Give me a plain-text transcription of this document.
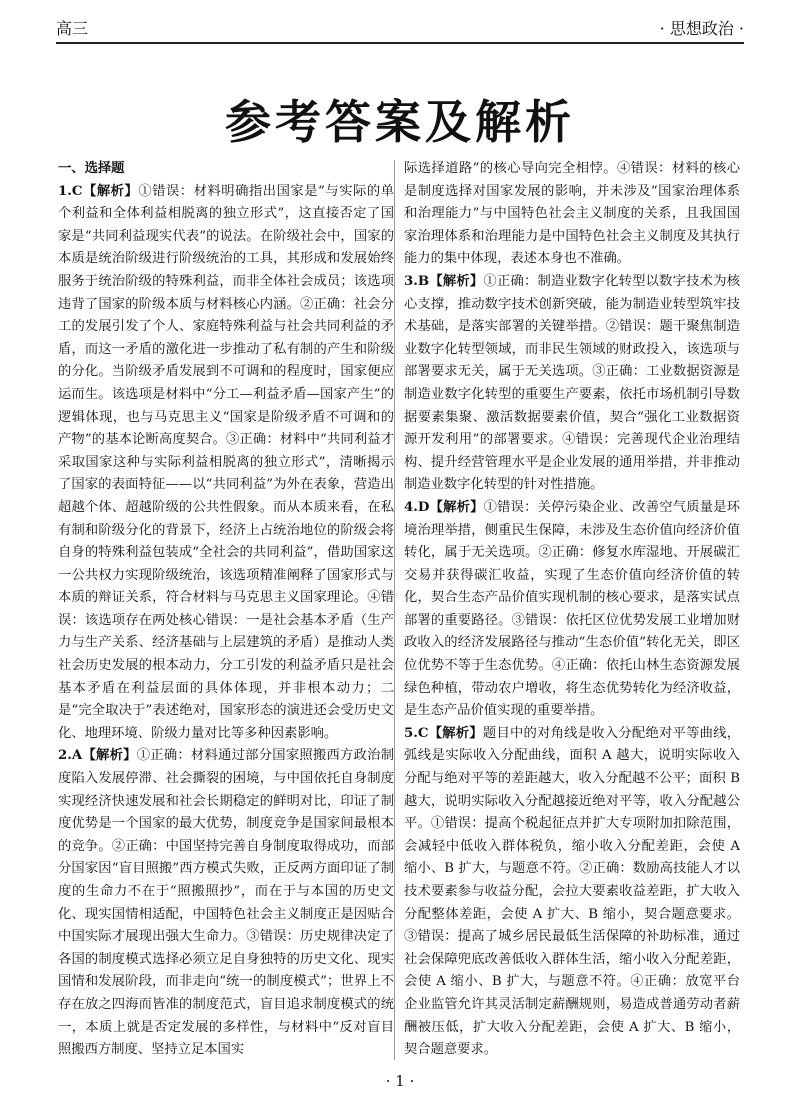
高三	· 思想政治 ·
参考答案及解析
一、选择题

1.C【解析】①错误：材料明确指出国家是“与实际的单个利益和全体利益相脱离的独立形式”，这直接否定了国家是“共同利益现实代表”的说法。在阶级社会中，国家的本质是统治阶级进行阶级统治的工具，其形成和发展始终服务于统治阶级的特殊利益，而非全体社会成员；该选项违背了国家的阶级本质与材料核心内涵。②正确：社会分工的发展引发了个人、家庭特殊利益与社会共同利益的矛盾，而这一矛盾的激化进一步推动了私有制的产生和阶级的分化。当阶级矛盾发展到不可调和的程度时，国家便应运而生。该选项是材料中“分工—利益矛盾—国家产生”的逻辑体现，也与马克思主义“国家是阶级矛盾不可调和的产物”的基本论断高度契合。③正确：材料中“共同利益才采取国家这种与实际利益相脱离的独立形式”，清晰揭示了国家的表面特征——以“共同利益”为外在表象，营造出超越个体、超越阶级的公共性假象。而从本质来看，在私有制和阶级分化的背景下，经济上占统治地位的阶级会将自身的特殊利益包装成“全社会的共同利益”，借助国家这一公共权力实现阶级统治，该选项精准阐释了国家形式与本质的辩证关系，符合材料与马克思主义国家理论。④错误：该选项存在两处核心错误：一是社会基本矛盾（生产力与生产关系、经济基础与上层建筑的矛盾）是推动人类社会历史发展的根本动力，分工引发的利益矛盾只是社会基本矛盾在利益层面的具体体现，并非根本动力；二是“完全取决于”表述绝对，国家形态的演进还会受历史文化、地理环境、阶级力量对比等多种因素影响。

2.A【解析】①正确：材料通过部分国家照搬西方政治制度陷入发展停滞、社会撕裂的困境，与中国依托自身制度实现经济快速发展和社会长期稳定的鲜明对比，印证了制度优势是一个国家的最大优势，制度竞争是国家间最根本的竞争。②正确：中国坚持完善自身制度取得成功，而部分国家因“盲目照搬”西方模式失败，正反两方面印证了制度的生命力不在于“照搬照抄”，而在于与本国的历史文化、现实国情相适配，中国特色社会主义制度正是因贴合中国实际才展现出强大生命力。③错误：历史规律决定了各国的制度模式选择必须立足自身独特的历史文化、现实国情和发展阶段，而非走向“统一的制度模式”；世界上不存在放之四海而皆准的制度范式，盲目追求制度模式的统一，本质上就是否定发展的多样性，与材料中“反对盲目照搬西方制度、坚持立足本国实

际选择道路”的核心导向完全相悖。④错误：材料的核心是制度选择对国家发展的影响，并未涉及“国家治理体系和治理能力”与中国特色社会主义制度的关系，且我国国家治理体系和治理能力是中国特色社会主义制度及其执行能力的集中体现，表述本身也不准确。

3.B【解析】①正确：制造业数字化转型以数字技术为核心支撑，推动数字技术创新突破，能为制造业转型筑牢技术基础，是落实部署的关键举措。②错误：题干聚焦制造业数字化转型领域，而非民生领域的财政投入，该选项与部署要求无关，属于无关选项。③正确：工业数据资源是制造业数字化转型的重要生产要素，依托市场机制引导数据要素集聚、激活数据要素价值，契合“强化工业数据资源开发利用”的部署要求。④错误：完善现代企业治理结构、提升经营管理水平是企业发展的通用举措，并非推动制造业数字化转型的针对性措施。

4.D【解析】①错误：关停污染企业、改善空气质量是环境治理举措，侧重民生保障，未涉及生态价值向经济价值转化，属于无关选项。②正确：修复水库湿地、开展碳汇交易并获得碳汇收益，实现了生态价值向经济价值的转化，契合生态产品价值实现机制的核心要求，是落实试点部署的重要路径。③错误：依托区位优势发展工业增加财政收入的经济发展路径与推动“生态价值”转化无关，即区位优势不等于生态优势。④正确：依托山林生态资源发展绿色种植，带动农户增收，将生态优势转化为经济收益，是生态产品价值实现的重要举措。

5.C【解析】题目中的对角线是收入分配绝对平等曲线，弧线是实际收入分配曲线，面积 A 越大，说明实际收入分配与绝对平等的差距越大，收入分配越不公平；面积 B 越大，说明实际收入分配越接近绝对平等，收入分配越公平。①错误：提高个税起征点并扩大专项附加扣除范围，会减轻中低收入群体税负，缩小收入分配差距，会使 A 缩小、B 扩大，与题意不符。②正确：数励高技能人才以技术要素参与收益分配，会拉大要素收益差距，扩大收入分配整体差距，会使 A 扩大、B 缩小，契合题意要求。③错误：提高了城乡居民最低生活保障的补助标准，通过社会保障兜底改善低收入群体生活，缩小收入分配差距，会使 A 缩小、B 扩大，与题意不符。④正确：放宽平台企业监管允许其灵活制定薪酬规则，易造成普通劳动者薪酬被压低，扩大收入分配差距，会使 A 扩大、B 缩小，契合题意要求。

· 1 ·
